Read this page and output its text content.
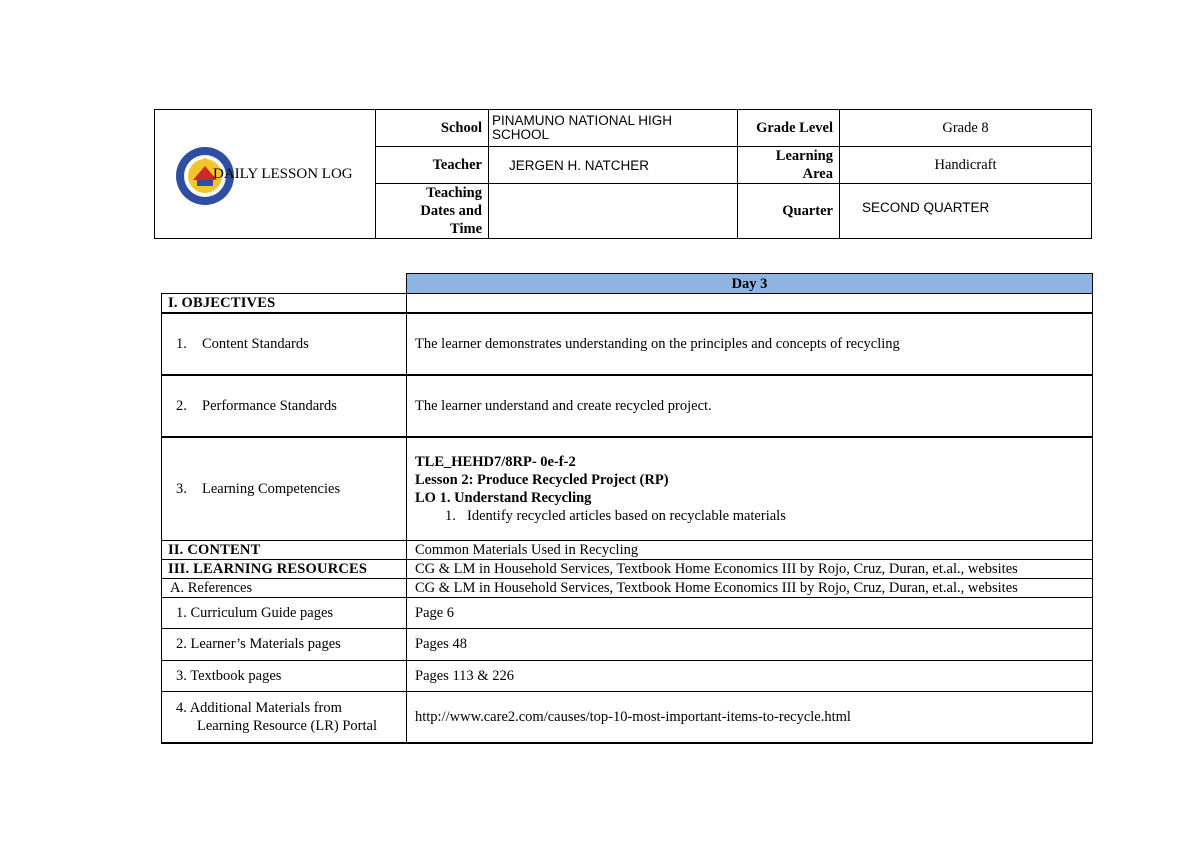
DAILY LESSON LOG	School	PINAMUNO NATIONAL HIGH
SCHOOL	Grade Level	Grade 8
	Teacher	JERGEN H. NATCHER	Learning
Area	Handicraft

	Teaching
Dates and
Time		Quarter	SECOND QUARTER
	Day 3
I. OBJECTIVES	
1. Content Standards	The learner demonstrates understanding on the principles and concepts of recycling
2. Performance Standards	The learner understand and create recycled project.
3. Learning Competencies	TLE_HEHD7/8RP- 0e-f-2
Lesson 2: Produce Recycled Project (RP)
LO 1. Understand Recycling
1. Identify recycled articles based on recyclable materials

II. CONTENT	Common Materials Used in Recycling
III. LEARNING RESOURCES	CG & LM in Household Services, Textbook Home Economics III by Rojo, Cruz, Duran, et.al., websites
A. References	CG & LM in Household Services, Textbook Home Economics III by Rojo, Cruz, Duran, et.al., websites
1. Curriculum Guide pages	Page 6
2. Learner’s Materials pages	Pages 48
3. Textbook pages	Pages 113 & 226

4. Additional Materials from
Learning Resource (LR) Portal	http://www.care2.com/causes/top-10-most-important-items-to-recycle.html
